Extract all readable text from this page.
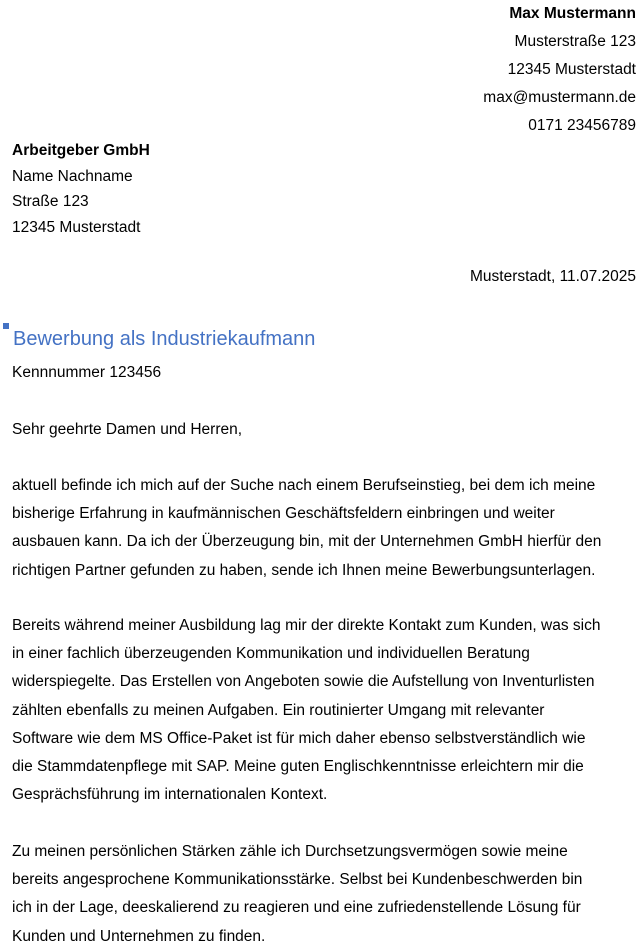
Max Mustermann
Musterstraße 123
12345 Musterstadt
max@mustermann.de
0171 23456789
Arbeitgeber GmbH
Name Nachname
Straße 123
12345 Musterstadt
Musterstadt, 11.07.2025
Bewerbung als Industriekaufmann
Kennnummer 123456
Sehr geehrte Damen und Herren,
aktuell befinde ich mich auf der Suche nach einem Berufseinstieg, bei dem ich meine
bisherige Erfahrung in kaufmännischen Geschäftsfeldern einbringen und weiter
ausbauen kann. Da ich der Überzeugung bin, mit der Unternehmen GmbH hierfür den
richtigen Partner gefunden zu haben, sende ich Ihnen meine Bewerbungsunterlagen.
Bereits während meiner Ausbildung lag mir der direkte Kontakt zum Kunden, was sich
in einer fachlich überzeugenden Kommunikation und individuellen Beratung
widerspiegelte. Das Erstellen von Angeboten sowie die Aufstellung von Inventurlisten
zählten ebenfalls zu meinen Aufgaben. Ein routinierter Umgang mit relevanter
Software wie dem MS Office-Paket ist für mich daher ebenso selbstverständlich wie
die Stammdatenpflege mit SAP. Meine guten Englischkenntnisse erleichtern mir die
Gesprächsführung im internationalen Kontext.
Zu meinen persönlichen Stärken zähle ich Durchsetzungsvermögen sowie meine
bereits angesprochene Kommunikationsstärke. Selbst bei Kundenbeschwerden bin
ich in der Lage, deeskalierend zu reagieren und eine zufriedenstellende Lösung für
Kunden und Unternehmen zu finden.
